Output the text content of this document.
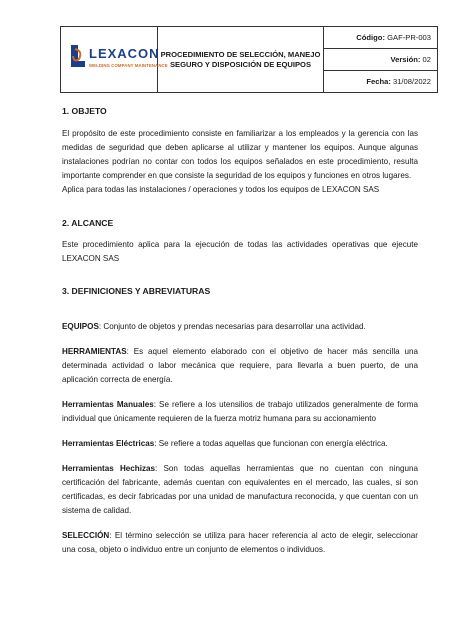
LEXACON
WELDING COMPANY MAINTENANCE

PROCEDIMIENTO DE SELECCIÓN, MANEJO
SEGURO Y DISPOSICIÓN DE EQUIPOS
	Código: GAF-PR-003
Versión: 02
Fecha: 31/08/2022
1. OBJETO

El propósito de este procedimiento consiste en familiarizar a los empleados y la gerencia con las medidas de seguridad que deben aplicarse al utilizar y mantener los equipos. Aunque algunas instalaciones podrían no contar con todos los equipos señalados en este procedimiento, resulta importante comprender en que consiste la seguridad de los equipos y funciones en otros lugares.

Aplica para todas las instalaciones / operaciones y todos los equipos de LEXACON SAS

2. ALCANCE

Este procedimiento aplica para la ejecución de todas las actividades operativas que ejecute LEXACON SAS

3. DEFINICIONES Y ABREVIATURAS

EQUIPOS: Conjunto de objetos y prendas necesarias para desarrollar una actividad.

HERRAMIENTAS: Es aquel elemento elaborado con el objetivo de hacer más sencilla una determinada actividad o labor mecánica que requiere, para llevarla a buen puerto, de una aplicación correcta de energía.

Herramientas Manuales: Se refiere a los utensilios de trabajo utilizados generalmente de forma individual que únicamente requieren de la fuerza motriz humana para su accionamiento

Herramientas Eléctricas: Se refiere a todas aquellas que funcionan con energía eléctrica.

Herramientas Hechizas: Son todas aquellas herramientas que no cuentan con ninguna certificación del fabricante, además cuentan con equivalentes en el mercado, las cuales, si son certificadas, es decir fabricadas por una unidad de manufactura reconocida, y que cuentan con un sistema de calidad.

SELECCIÓN: El término selección se utiliza para hacer referencia al acto de elegir, seleccionar una cosa, objeto o individuo entre un conjunto de elementos o individuos.
